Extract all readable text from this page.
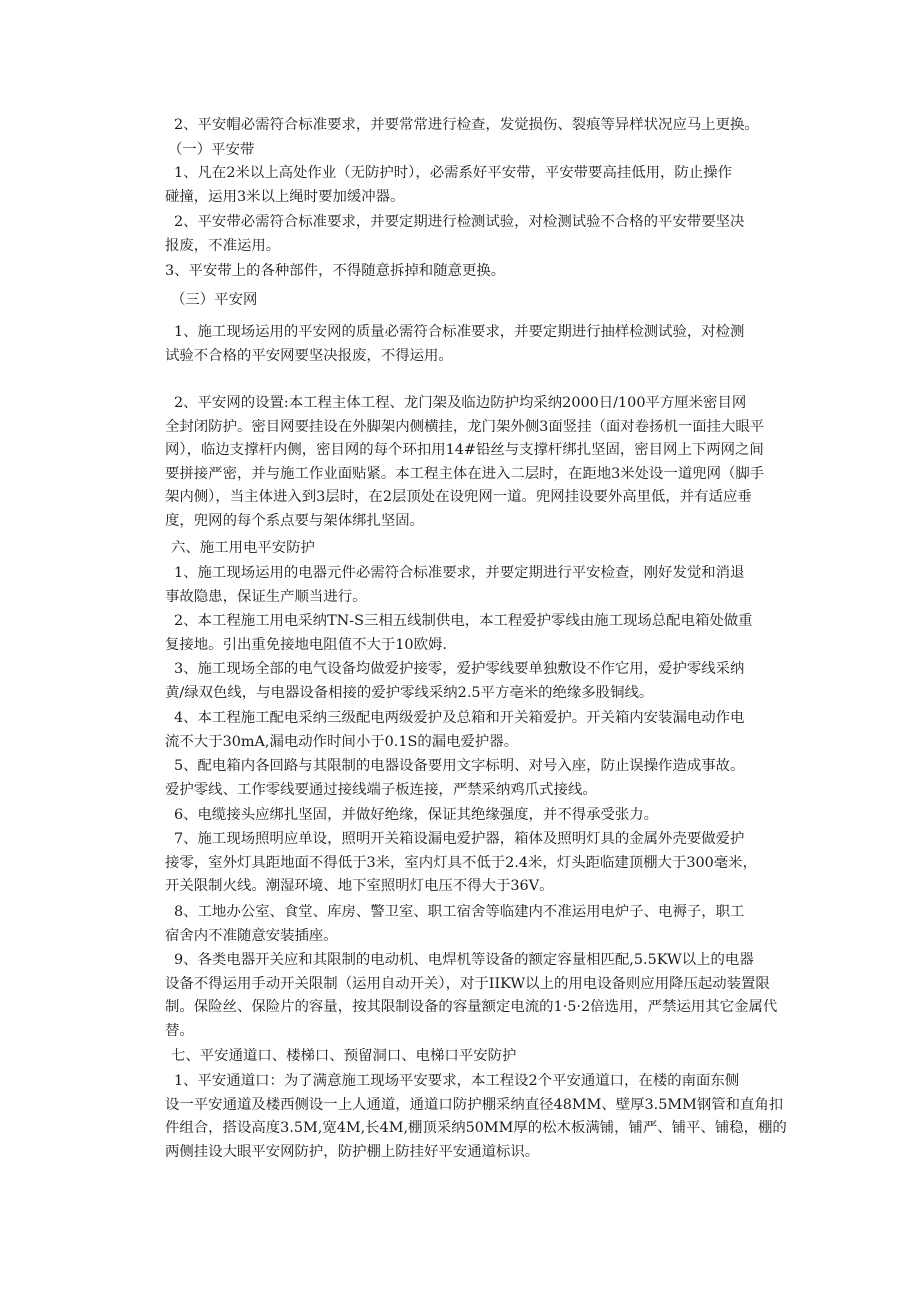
2、平安帽必需符合标准要求，并要常常进行检查，发觉损伤、裂痕等异样状况应马上更换。
（一）平安带
1、凡在2米以上高处作业（无防护时），必需系好平安带，平安带要高挂低用，防止操作
碰撞，运用3米以上绳时要加缓冲器。
2、平安带必需符合标准要求，并要定期进行检测试验，对检测试验不合格的平安带要坚决
报废，不准运用。
3、平安带上的各种部件，不得随意拆掉和随意更换。
（三）平安网
1、施工现场运用的平安网的质量必需符合标准要求，并要定期进行抽样检测试验，对检测
试验不合格的平安网要坚决报废，不得运用。
2、平安网的设置:本工程主体工程、龙门架及临边防护均采纳2000日/100平方厘米密目网
全封闭防护。密目网要挂设在外脚架内侧横挂，龙门架外侧3面竖挂（面对卷扬机一面挂大眼平
网），临边支撑杆内侧，密目网的每个环扣用14#铅丝与支撑杆绑扎坚固，密目网上下两网之间
要拼接严密，并与施工作业面贴紧。本工程主体在进入二层时，在距地3米处设一道兜网（脚手
架内侧），当主体进入到3层时，在2层顶处在设兜网一道。兜网挂设要外高里低，并有适应垂
度，兜网的每个系点要与架体绑扎坚固。
六、施工用电平安防护
1、施工现场运用的电器元件必需符合标准要求，并要定期进行平安检查，刚好发觉和消退
事故隐患，保证生产顺当进行。
2、本工程施工用电采纳TN-S三相五线制供电，本工程爱护零线由施工现场总配电箱处做重
复接地。引出重免接地电阻值不大于10欧姆.
3、施工现场全部的电气设备均做爱护接零，爱护零线要单独敷设不作它用，爱护零线采纳
黄/绿双色线，与电器设备相接的爱护零线采纳2.5平方亳米的绝缘多股铜线。
4、本工程施工配电采纳三级配电两级爱护及总箱和开关箱爱护。开关箱内安装漏电动作电
流不大于30mA,漏电动作时间小于0.1S的漏电爱护器。
5、配电箱内各回路与其限制的电器设备要用文字标明、对号入座，防止误操作造成事故。
爱护零线、工作零线要通过接线端子板连接，严禁采纳鸡爪式接线。
6、电缆接头应绑扎坚固，并做好绝缘，保证其绝缘强度，并不得承受张力。
7、施工现场照明应单设，照明开关箱设漏电爱护器，箱体及照明灯具的金属外壳要做爱护
接零，室外灯具距地面不得低于3米，室内灯具不低于2.4米，灯头距临建顶棚大于300毫米，
开关限制火线。潮湿环境、地下室照明灯电压不得大于36V。
8、工地办公室、食堂、库房、警卫室、职工宿舍等临建内不准运用电炉子、电褥子，职工
宿舍内不准随意安装插座。
9、各类电器开关应和其限制的电动机、电焊机等设备的额定容量相匹配,5.5KW以上的电器
设备不得运用手动开关限制（运用自动开关），对于IIKW以上的用电设备则应用降压起动装置限
制。保险丝、保险片的容量，按其限制设备的容量额定电流的1·5·2倍选用，严禁运用其它金属代
替。
七、平安通道口、楼梯口、预留洞口、电梯口平安防护
1、平安通道口：为了满意施工现场平安要求，本工程设2个平安通道口，在楼的南面东侧
设一平安通道及楼西侧设一上人通道，通道口防护棚采纳直径48MM、壁厚3.5MM钢管和直角扣
件组合，搭设高度3.5M,宽4M,长4M,棚顶采纳50MM厚的松木板满铺，铺严、铺平、铺稳，棚的
两侧挂设大眼平安网防护，防护棚上防挂好平安通道标识。
